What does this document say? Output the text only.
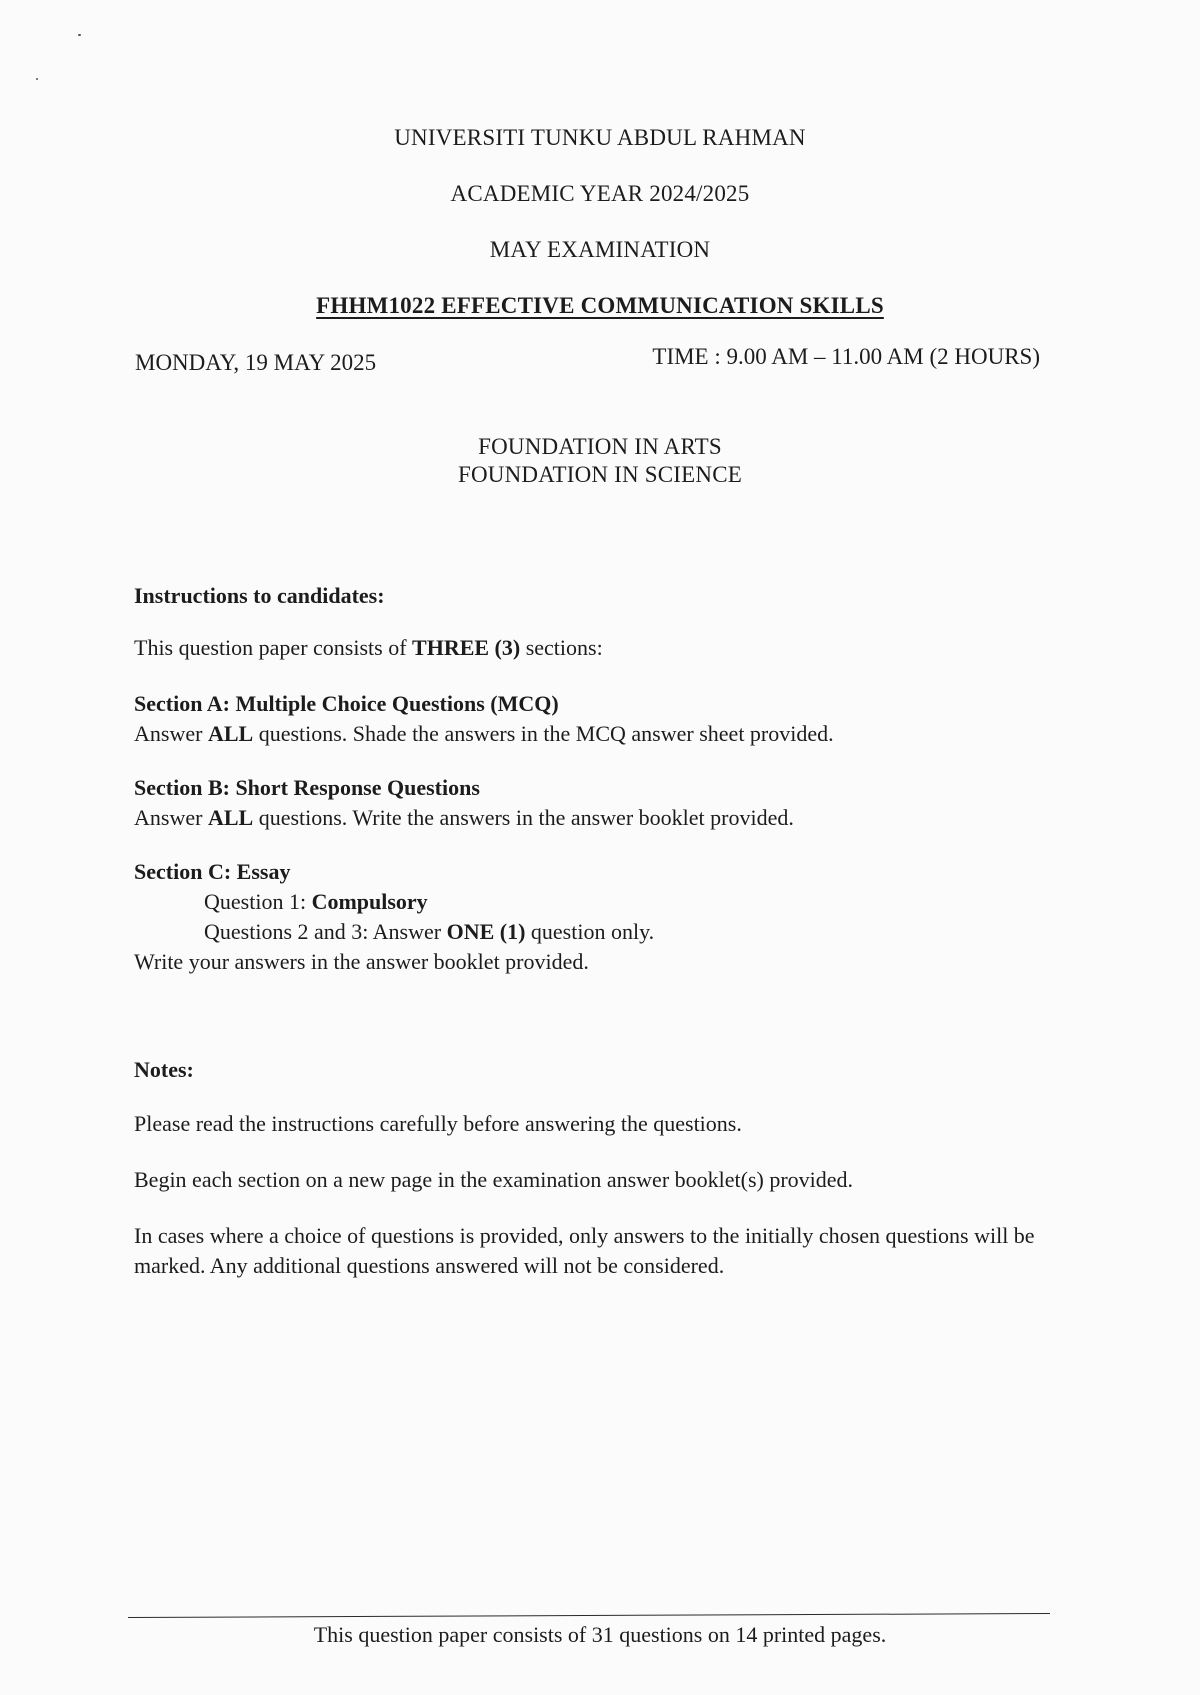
UNIVERSITI TUNKU ABDUL RAHMAN
ACADEMIC YEAR 2024/2025
MAY EXAMINATION
FHHM1022 EFFECTIVE COMMUNICATION SKILLS
MONDAY, 19 MAY 2025	TIME : 9.00 AM – 11.00 AM (2 HOURS)
FOUNDATION IN ARTS
FOUNDATION IN SCIENCE
Instructions to candidates:
This question paper consists of THREE (3) sections:
Section A: Multiple Choice Questions (MCQ)
Answer ALL questions. Shade the answers in the MCQ answer sheet provided.
Section B: Short Response Questions
Answer ALL questions. Write the answers in the answer booklet provided.
Section C: Essay
Question 1: Compulsory
Questions 2 and 3: Answer ONE (1) question only.
Write your answers in the answer booklet provided.
Notes:
Please read the instructions carefully before answering the questions.
Begin each section on a new page in the examination answer booklet(s) provided.
In cases where a choice of questions is provided, only answers to the initially chosen questions will be marked. Any additional questions answered will not be considered.
This question paper consists of 31 questions on 14 printed pages.
